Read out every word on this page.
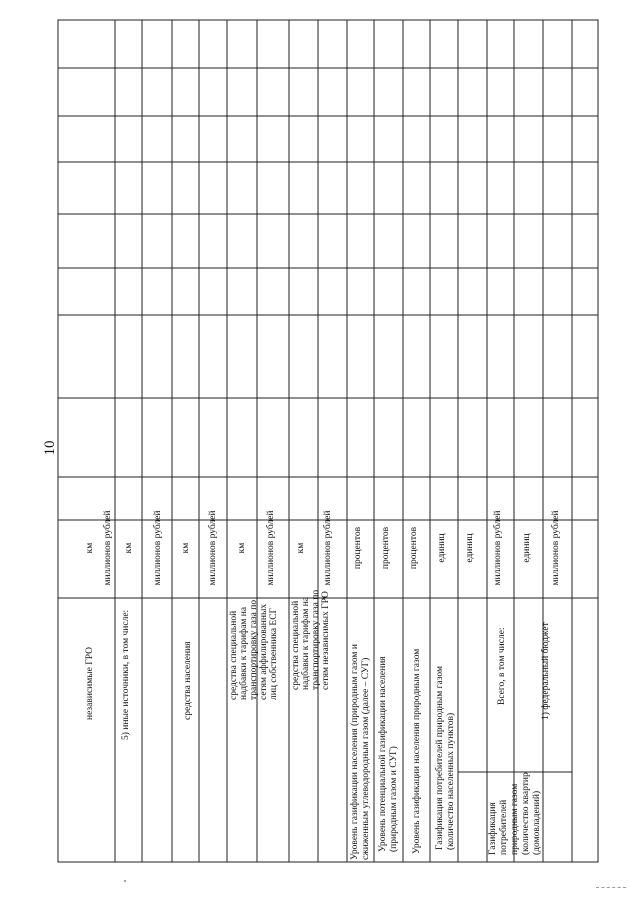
независимые ГРО
км миллионов рублей
5) иные источники, в том числе:
км миллионов рублей
средства населения
км миллионов рублей
средства специальной надбавки к тарифам на транспортировку газа по сетям аффилированных лиц собственника ЕСГ
км миллионов рублей
средства специальной надбавки к тарифам на транспортировку газа по сетям независимых ГРО
км миллионов рублей
Уровень газификации населения (природным газом и сжиженным углеводородным газом (далее – СУГ)
процентов
Уровень потенциальной газификации населения (природным газом и СУГ)
процентов
Уровень газификации населения природным газом
процентов
Газификация потребителей природным газом (количество населенных пунктов)
единиц
Газификация потребителей природным газом (количество квартир (домовладений)
Всего, в том числе:
единиц миллионов рублей
1) федеральный бюджет
единиц миллионов рублей
10
